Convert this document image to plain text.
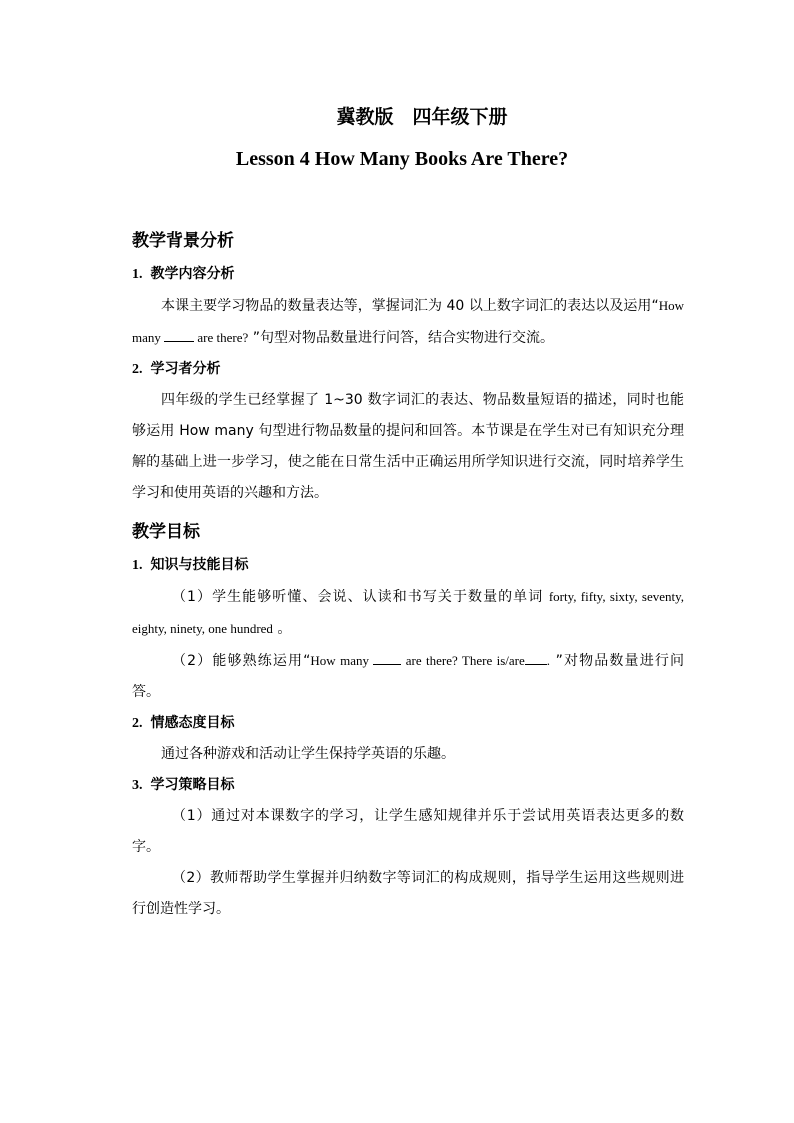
冀教版　四年级下册
Lesson 4 How Many Books Are There?
教学背景分析
1. 教学内容分析

本课主要学习物品的数量表达等，掌握词汇为 40 以上数字词汇的表达以及运用“How many  are there? ”句型对物品数量进行问答，结合实物进行交流。

2. 学习者分析

四年级的学生已经掌握了 1~30 数字词汇的表达、物品数量短语的描述，同时也能够运用 How many 句型进行物品数量的提问和回答。本节课是在学生对已有知识充分理解的基础上进一步学习，使之能在日常生活中正确运用所学知识进行交流，同时培养学生学习和使用英语的兴趣和方法。

教学目标
1. 知识与技能目标

（1）学生能够听懂、会说、认读和书写关于数量的单词 forty, fifty, sixty, seventy, eighty, ninety, one hundred 。

（2）能够熟练运用“How many  are there? There is/are . ”对物品数量进行问答。

2. 情感态度目标

通过各种游戏和活动让学生保持学英语的乐趣。

3. 学习策略目标

（1）通过对本课数字的学习，让学生感知规律并乐于尝试用英语表达更多的数字。

（2）教师帮助学生掌握并归纳数字等词汇的构成规则，指导学生运用这些规则进行创造性学习。
